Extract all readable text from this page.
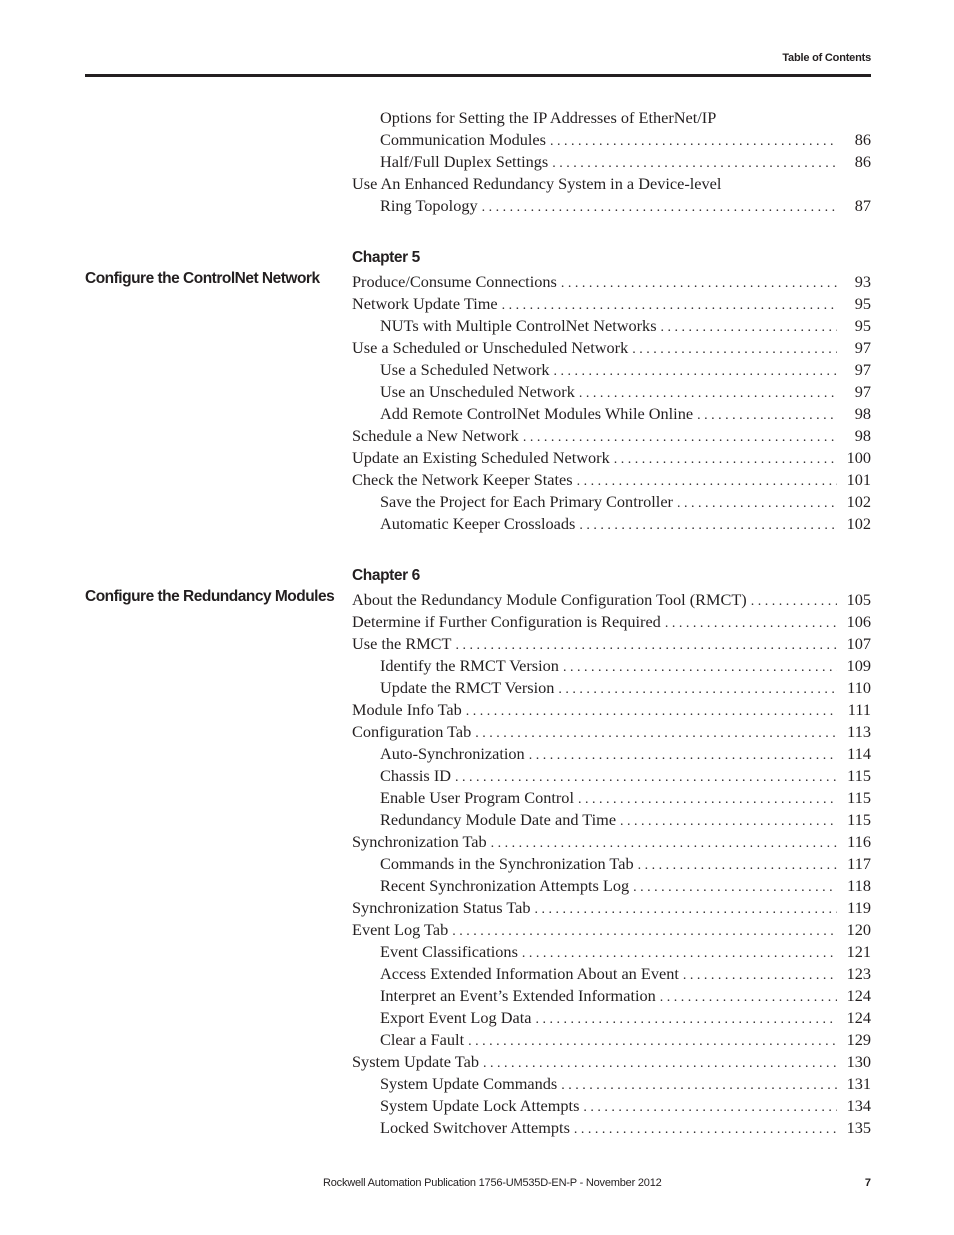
Table of Contents
Configure the ControlNet Network
Configure the Redundancy Modules
Options for Setting the IP Addresses of EtherNet/IP
Communication Modules . . .	86
Half/Full Duplex Settings . . .	86
Use An Enhanced Redundancy System in a Device-level
Ring Topology . . .	87
Chapter 5
Produce/Consume Connections . . .	93
Network Update Time . . .	95
NUTs with Multiple ControlNet Networks . . .	95
Use a Scheduled or Unscheduled Network . . .	97
Use a Scheduled Network . . .	97
Use an Unscheduled Network . . .	97
Add Remote ControlNet Modules While Online . . .	98
Schedule a New Network . . .	98
Update an Existing Scheduled Network . . .	100
Check the Network Keeper States . . .	101
Save the Project for Each Primary Controller . . .	102
Automatic Keeper Crossloads . . .	102
Chapter 6
About the Redundancy Module Configuration Tool (RMCT) . . .	105
Determine if Further Configuration is Required . . .	106
Use the RMCT . . .	107
Identify the RMCT Version . . .	109
Update the RMCT Version . . .	110
Module Info Tab . . .	111
Configuration Tab . . .	113
Auto-Synchronization . . .	114
Chassis ID . . .	115
Enable User Program Control . . .	115
Redundancy Module Date and Time . . .	115
Synchronization Tab . . .	116
Commands in the Synchronization Tab . . .	117
Recent Synchronization Attempts Log . . .	118
Synchronization Status Tab . . .	119
Event Log Tab . . .	120
Event Classifications . . .	121
Access Extended Information About an Event . . .	123
Interpret an Event’s Extended Information . . .	124
Export Event Log Data . . .	124
Clear a Fault . . .	129
System Update Tab . . .	130
System Update Commands . . .	131
System Update Lock Attempts . . .	134
Locked Switchover Attempts . . .	135
Rockwell Automation Publication 1756-UM535D-EN-P - November 2012	7
